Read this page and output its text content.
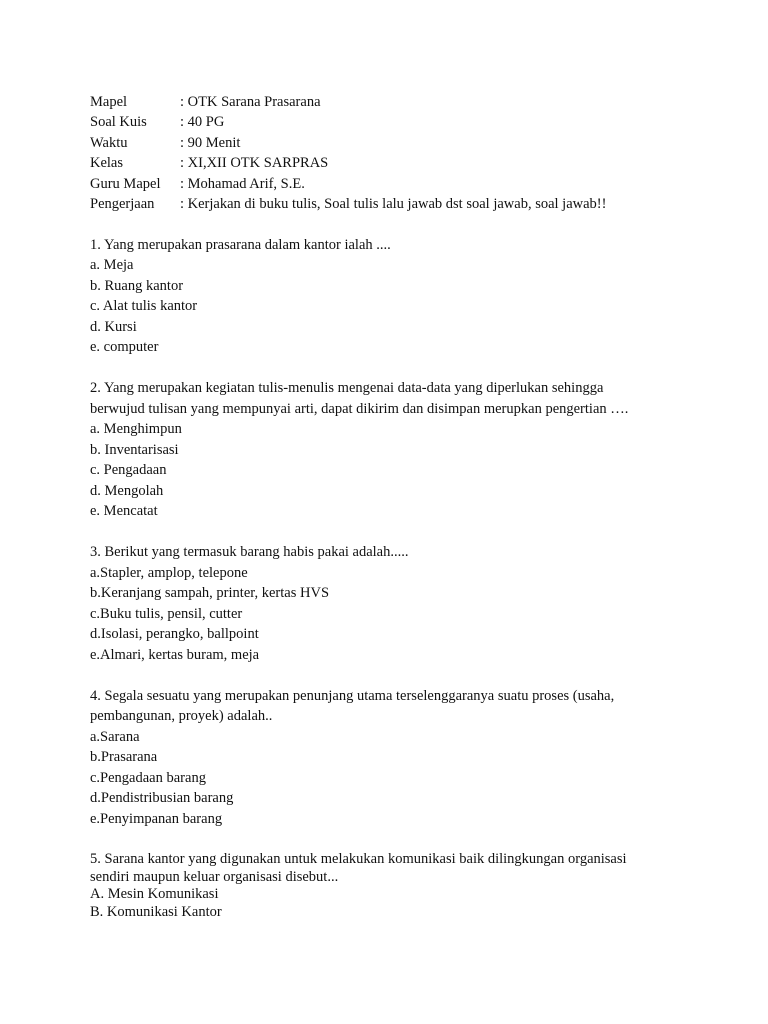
Mapel	: OTK Sarana Prasarana
Soal Kuis	: 40 PG
Waktu	: 90 Menit
Kelas	: XI,XII OTK SARPRAS
Guru Mapel	: Mohamad Arif, S.E.
Pengerjaan	: Kerjakan di buku tulis, Soal tulis lalu jawab dst soal jawab, soal jawab!!
1. Yang merupakan prasarana dalam kantor ialah ....
a. Meja
b. Ruang kantor
c. Alat tulis kantor
d. Kursi
e. computer
2. Yang merupakan kegiatan tulis-menulis mengenai data-data yang diperlukan sehingga
berwujud tulisan yang mempunyai arti, dapat dikirim dan disimpan merupkan pengertian ….
a. Menghimpun
b. Inventarisasi
c. Pengadaan
d. Mengolah
e. Mencatat
3. Berikut yang termasuk barang habis pakai adalah.....
a.Stapler, amplop, telepone
b.Keranjang sampah, printer, kertas HVS
c.Buku tulis, pensil, cutter
d.Isolasi, perangko, ballpoint
e.Almari, kertas buram, meja
4. Segala sesuatu yang merupakan penunjang utama terselenggaranya suatu proses (usaha,
pembangunan, proyek) adalah..
a.Sarana
b.Prasarana
c.Pengadaan barang
d.Pendistribusian barang
e.Penyimpanan barang
5. Sarana kantor yang digunakan untuk melakukan komunikasi baik dilingkungan organisasi
sendiri maupun keluar organisasi disebut...
A. Mesin Komunikasi
B. Komunikasi Kantor
